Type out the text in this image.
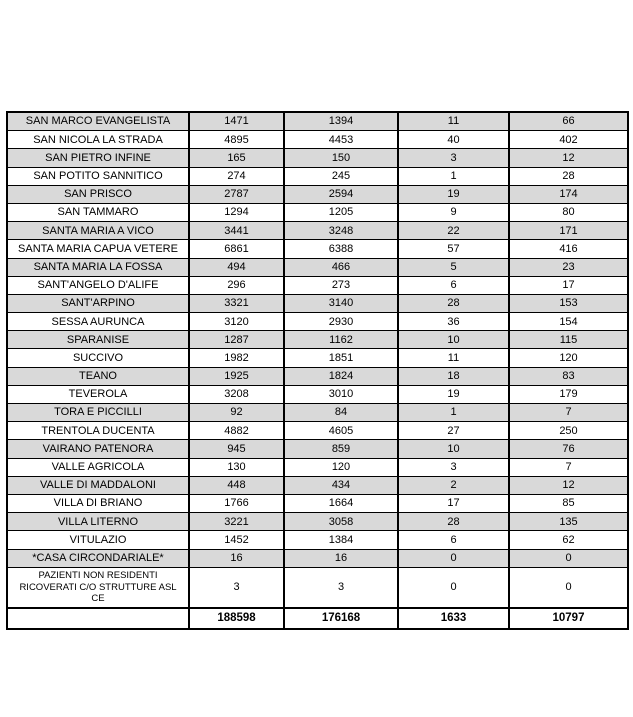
SAN MARCO EVANGELISTA	1471	1394	11	66
SAN NICOLA LA STRADA	4895	4453	40	402
SAN PIETRO INFINE	165	150	3	12
SAN POTITO SANNITICO	274	245	1	28
SAN PRISCO	2787	2594	19	174
SAN TAMMARO	1294	1205	9	80
SANTA MARIA A VICO	3441	3248	22	171
SANTA MARIA CAPUA VETERE	6861	6388	57	416
SANTA MARIA LA FOSSA	494	466	5	23
SANT'ANGELO D'ALIFE	296	273	6	17
SANT'ARPINO	3321	3140	28	153
SESSA AURUNCA	3120	2930	36	154
SPARANISE	1287	1162	10	115
SUCCIVO	1982	1851	11	120
TEANO	1925	1824	18	83
TEVEROLA	3208	3010	19	179
TORA E PICCILLI	92	84	1	7
TRENTOLA DUCENTA	4882	4605	27	250
VAIRANO PATENORA	945	859	10	76
VALLE AGRICOLA	130	120	3	7
VALLE DI MADDALONI	448	434	2	12
VILLA DI BRIANO	1766	1664	17	85
VILLA LITERNO	3221	3058	28	135
VITULAZIO	1452	1384	6	62
*CASA CIRCONDARIALE*	16	16	0	0
PAZIENTI NON RESIDENTI RICOVERATI C/O STRUTTURE ASL CE	3	3	0	0
	188598	176168	1633	10797
